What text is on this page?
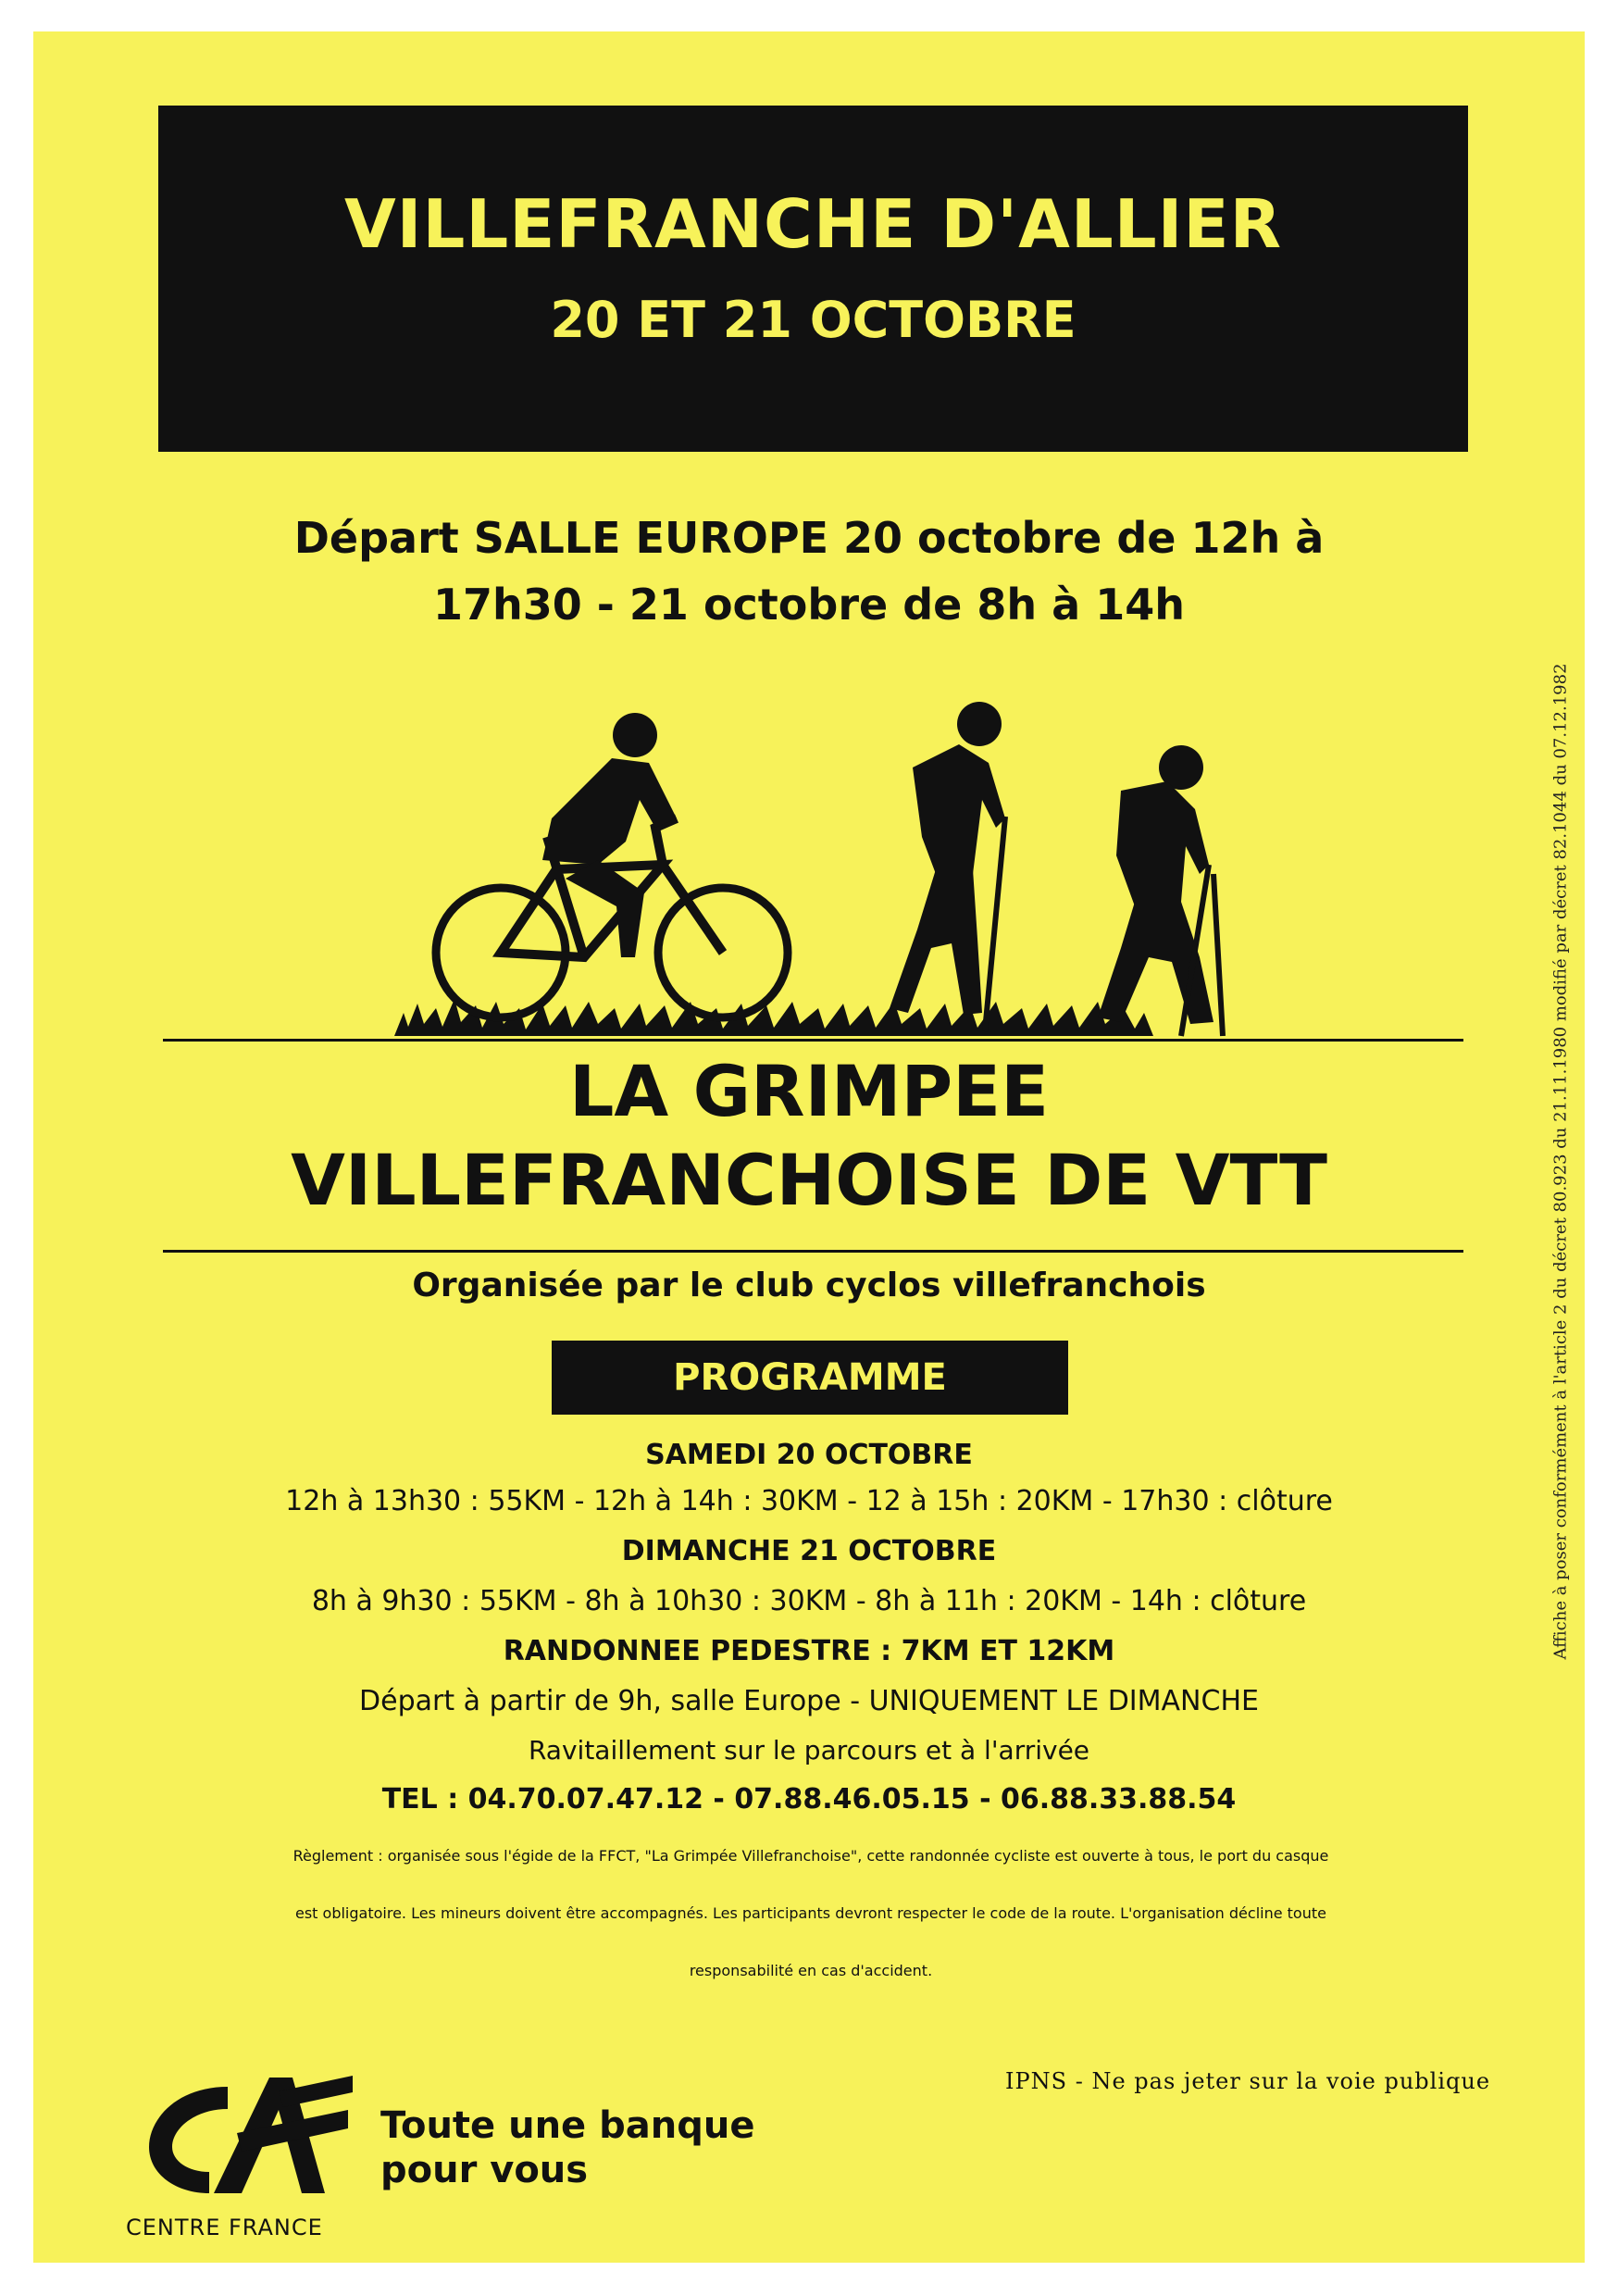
VILLEFRANCHE D'ALLIER
20 ET 21 OCTOBRE
Départ SALLE EUROPE 20 octobre de 12h à
17h30 - 21 octobre de 8h à 14h
LA GRIMPEE
VILLEFRANCHOISE DE VTT
Organisée par le club cyclos villefranchois
PROGRAMME
SAMEDI 20 OCTOBRE
12h à 13h30 : 55KM - 12h à 14h : 30KM - 12 à 15h : 20KM - 17h30 : clôture
DIMANCHE 21 OCTOBRE
8h à 9h30 : 55KM - 8h à 10h30 : 30KM - 8h à 11h : 20KM - 14h : clôture
RANDONNEE PEDESTRE : 7KM ET 12KM
Départ à partir de 9h, salle Europe - UNIQUEMENT LE DIMANCHE
Ravitaillement sur le parcours et à l'arrivée
TEL : 04.70.07.47.12 - 07.88.46.05.15 - 06.88.33.88.54
Règlement : organisée sous l'égide de la FFCT, "La Grimpée Villefranchoise", cette randonnée cycliste est ouverte à tous, le port du casque
est obligatoire. Les mineurs doivent être accompagnés. Les participants devront respecter le code de la route. L'organisation décline toute
responsabilité en cas d'accident.
IPNS - Ne pas jeter sur la voie publique
CENTRE FRANCE
Toute une banque
pour vous
Affiche à poser conformément à l'article 2 du décret 80.923 du 21.11.1980 modifié par décret 82.1044 du 07.12.1982
